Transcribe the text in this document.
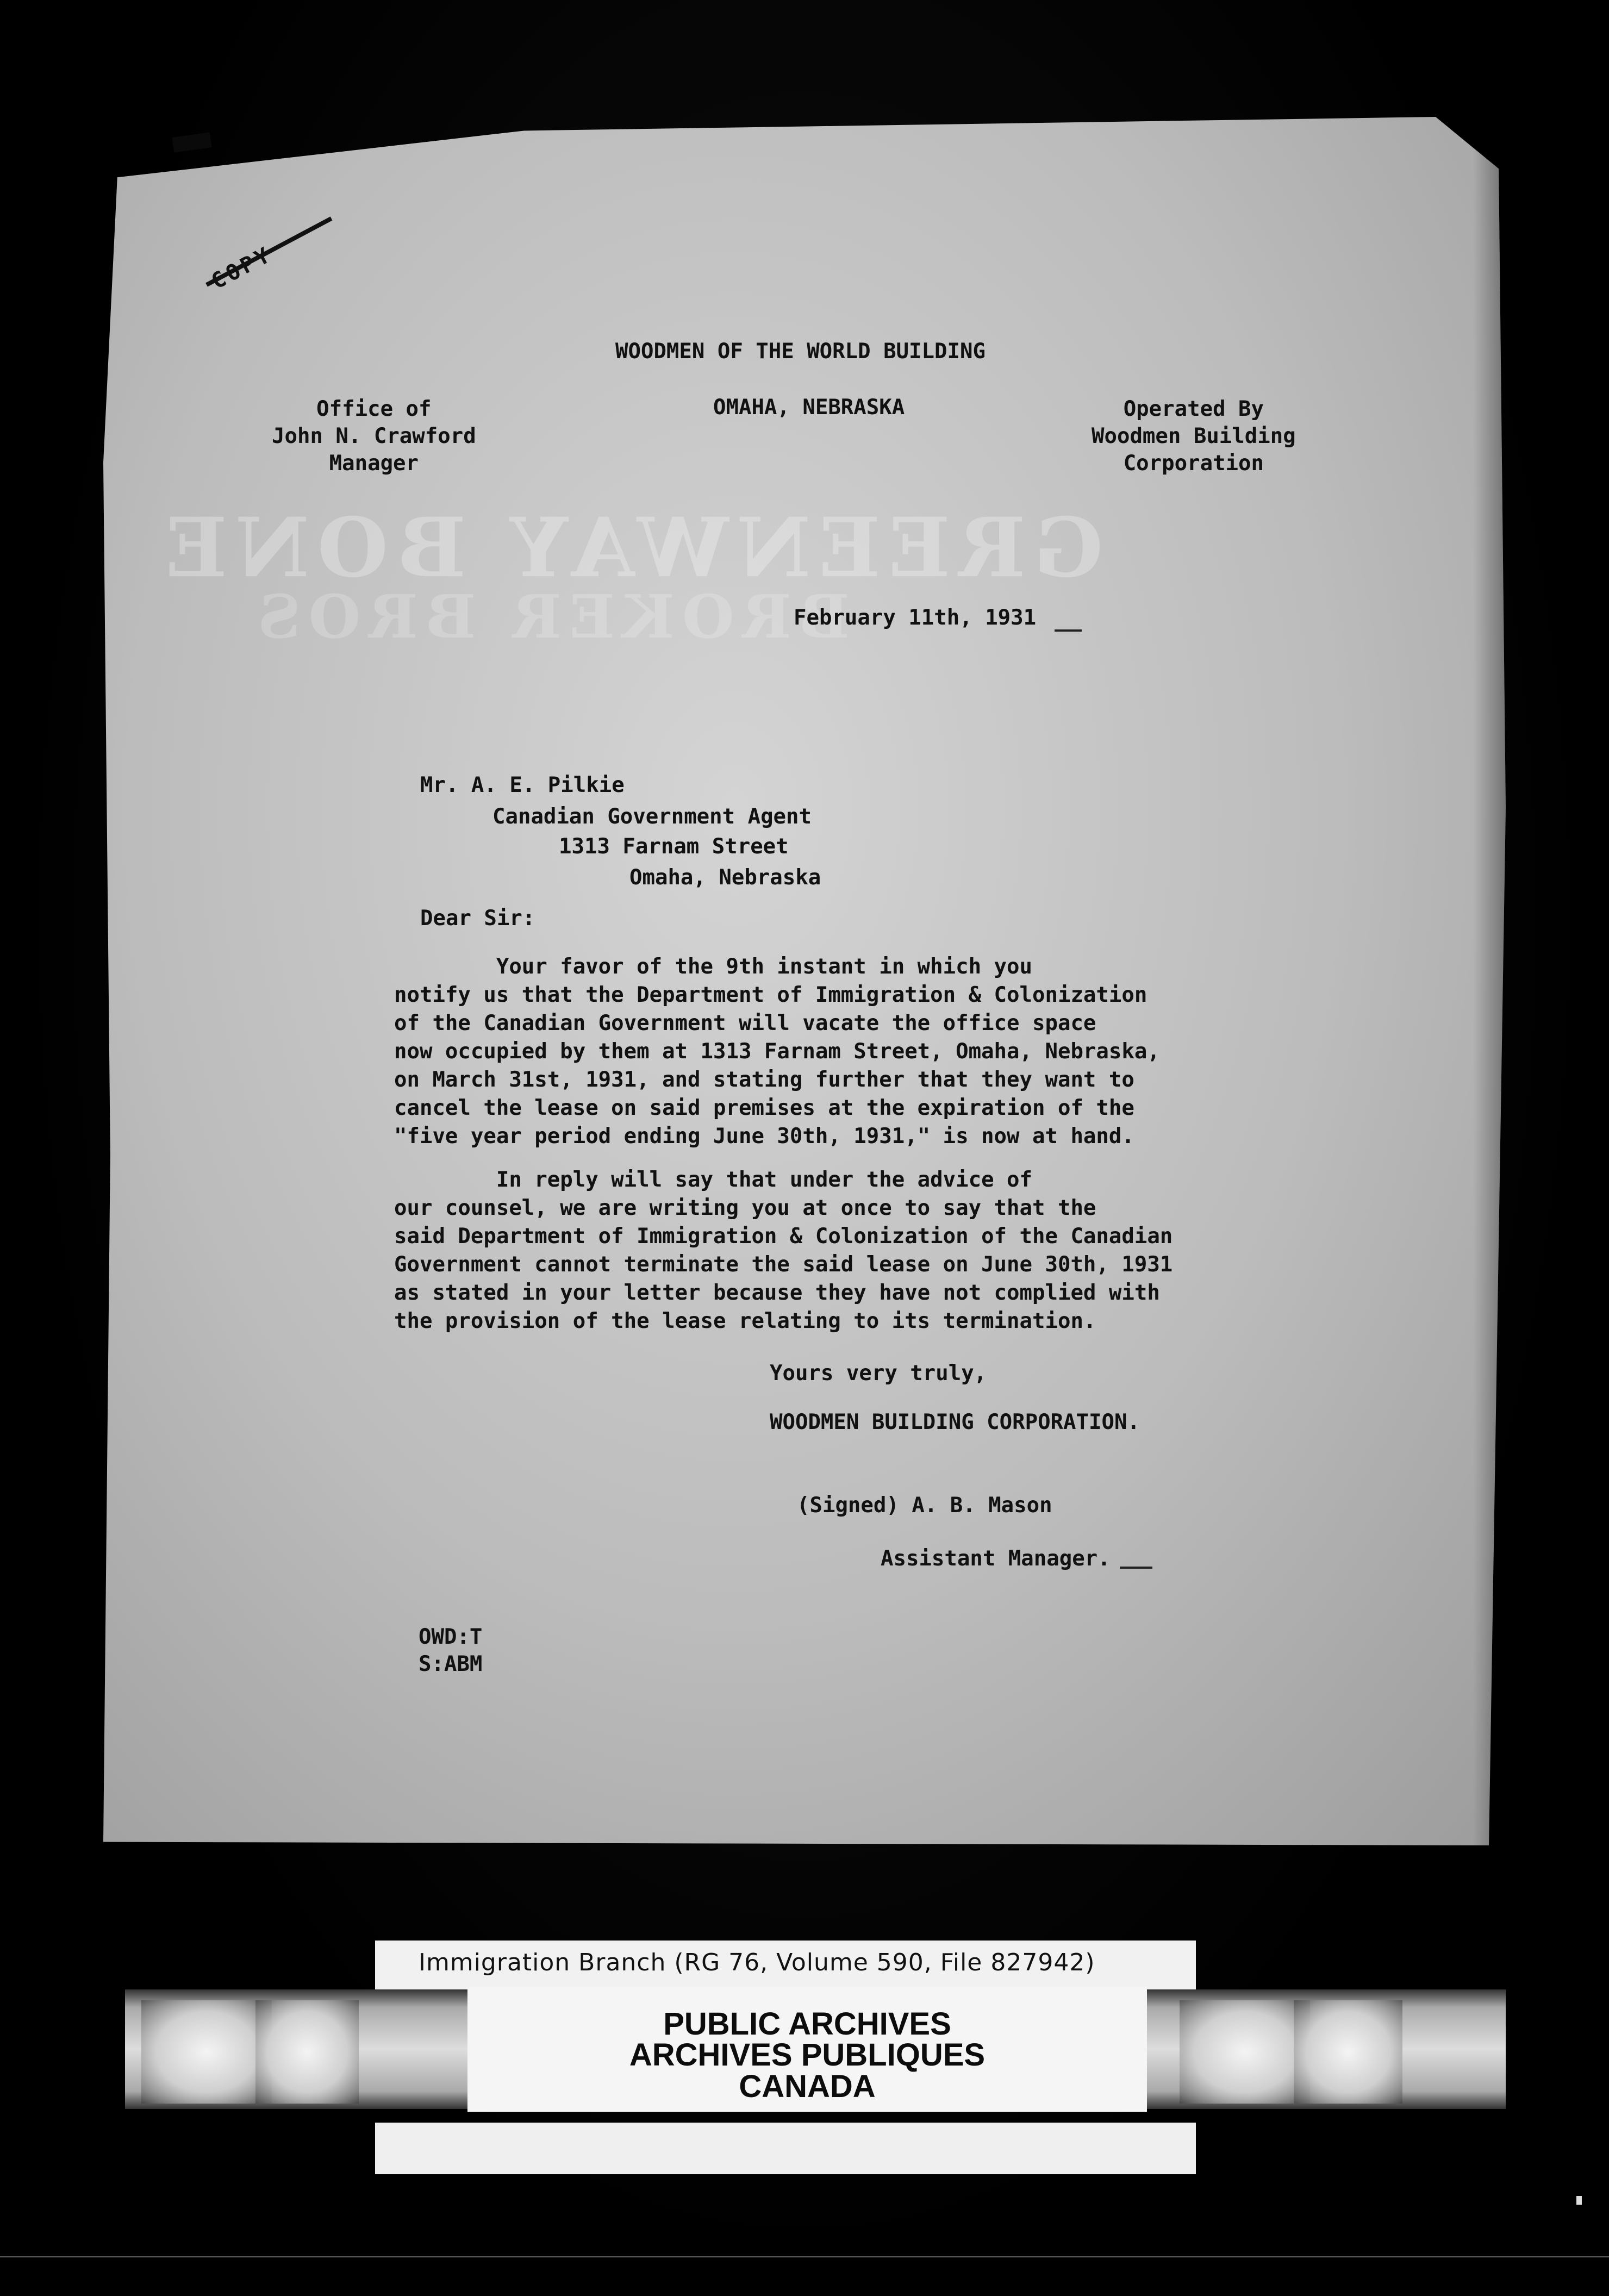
GREENWAY BONE
BROKER BROS
WOODMEN OF THE WORLD BUILDING
OMAHA, NEBRASKA
Office of
John N. Crawford
Manager
Operated By
Woodmen Building
Corporation
February 11th, 1931
Mr. A. E. Pilkie
Canadian Government Agent
1313 Farnam Street
Omaha, Nebraska
Dear Sir:
Your favor of the 9th instant in which you
notify us that the Department of Immigration & Colonization
of the Canadian Government will vacate the office space
now occupied by them at 1313 Farnam Street, Omaha, Nebraska,
on March 31st, 1931, and stating further that they want to
cancel the lease on said premises at the expiration of the
"five year period ending June 30th, 1931," is now at hand.
In reply will say that under the advice of
our counsel, we are writing you at once to say that the
said Department of Immigration & Colonization of the Canadian
Government cannot terminate the said lease on June 30th, 1931
as stated in your letter because they have not complied with
the provision of the lease relating to its termination.
Yours very truly,
WOODMEN BUILDING CORPORATION.
(Signed) A. B. Mason
Assistant Manager.
OWD:T
S:ABM
Immigration Branch (RG 76, Volume 590, File 827942)
PUBLIC ARCHIVES
ARCHIVES PUBLIQUES
CANADA
